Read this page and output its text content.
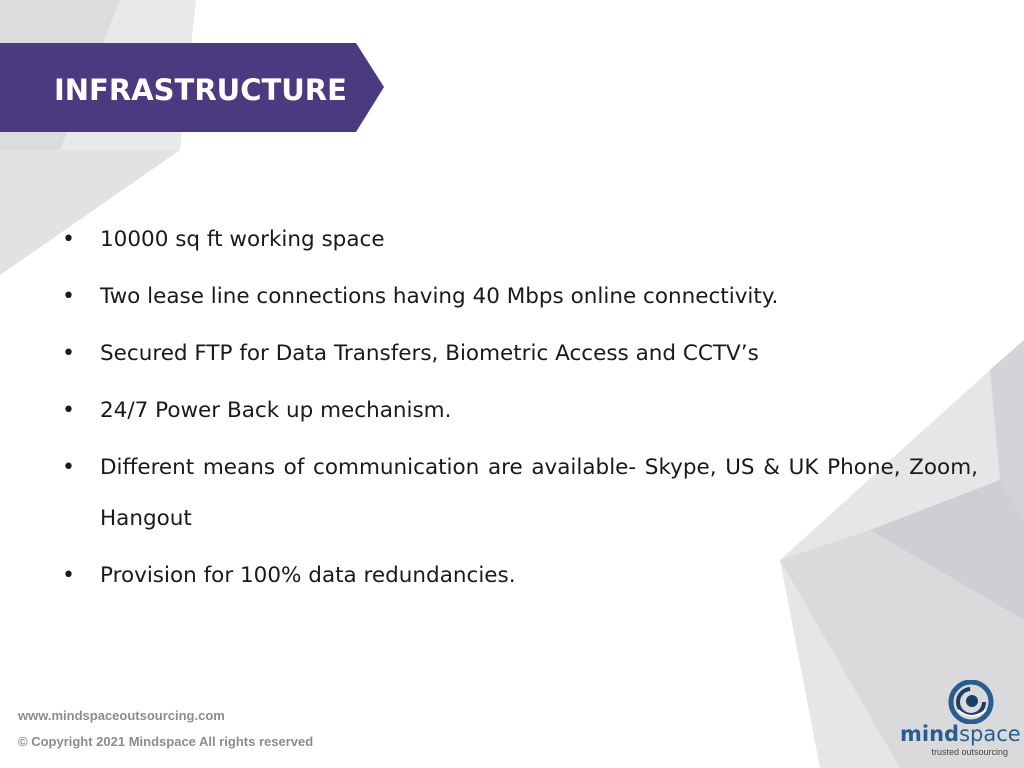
INFRASTRUCTURE
• 10000 sq ft working space
• Two lease line connections having 40 Mbps online connectivity.
• Secured FTP for Data Transfers, Biometric Access and CCTV’s
• 24/7 Power Back up mechanism.
• Different means of communication are available- Skype, US & UK Phone, Zoom, Hangout
• Provision for 100% data redundancies.
www.mindspaceoutsourcing.com
© Copyright 2021 Mindspace All rights reserved	mindspace
trusted outsourcing
